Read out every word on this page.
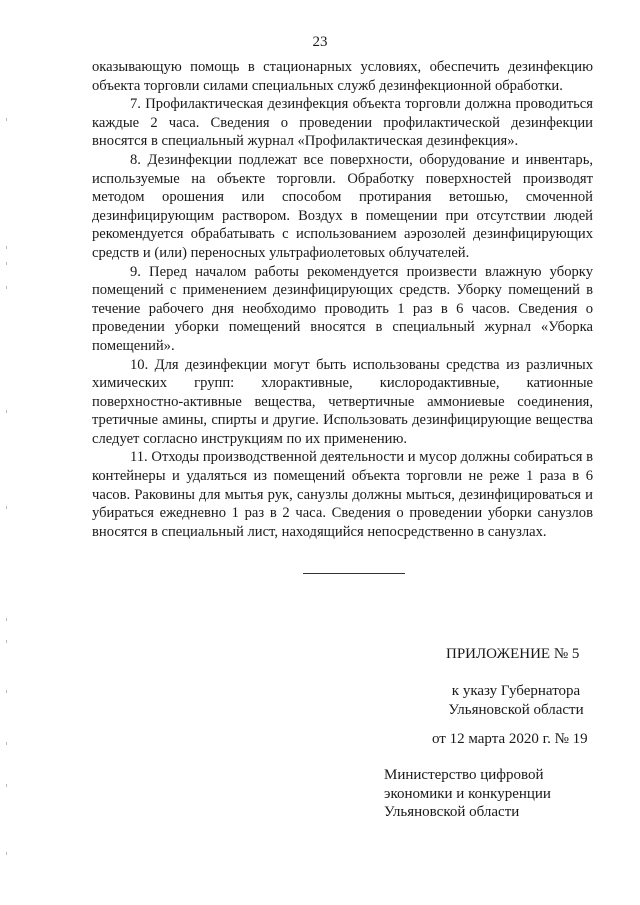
23

оказывающую помощь в стационарных условиях, обеспечить дезинфекцию объекта торговли силами специальных служб дезинфекционной обработки.

7. Профилактическая дезинфекция объекта торговли должна проводиться каждые 2 часа. Сведения о проведении профилактической дезинфекции вносятся в специальный журнал «Профилактическая дезинфекция».

8. Дезинфекции подлежат все поверхности, оборудование и инвентарь, используемые на объекте торговли. Обработку поверхностей производят методом орошения или способом протирания ветошью, смоченной дезинфицирующим раствором. Воздух в помещении при отсутствии людей рекомендуется обрабатывать с использованием аэрозолей дезинфицирующих средств и (или) переносных ультрафиолетовых облучателей.

9. Перед началом работы рекомендуется произвести влажную уборку помещений с применением дезинфицирующих средств. Уборку помещений в течение рабочего дня необходимо проводить 1 раз в 6 часов. Сведения о проведении уборки помещений вносятся в специальный журнал «Уборка помещений».

10. Для дезинфекции могут быть использованы средства из различных химических групп: хлорактивные, кислородактивные, катионные поверхностно-активные вещества, четвертичные аммониевые соединения, третичные амины, спирты и другие. Использовать дезинфицирующие вещества следует согласно инструкциям по их применению.

11. Отходы производственной деятельности и мусор должны собираться в контейнеры и удаляться из помещений объекта торговли не реже 1 раза в 6 часов. Раковины для мытья рук, санузлы должны мыться, дезинфицироваться и убираться ежедневно 1 раз в 2 часа. Сведения о проведении уборки санузлов вносятся в специальный лист, находящийся непосредственно в санузлах.

ПРИЛОЖЕНИЕ № 5
к указу Губернатора
Ульяновской области
от 12 марта 2020 г. № 19
Министерство цифровой
экономики и конкуренции
Ульяновской области
